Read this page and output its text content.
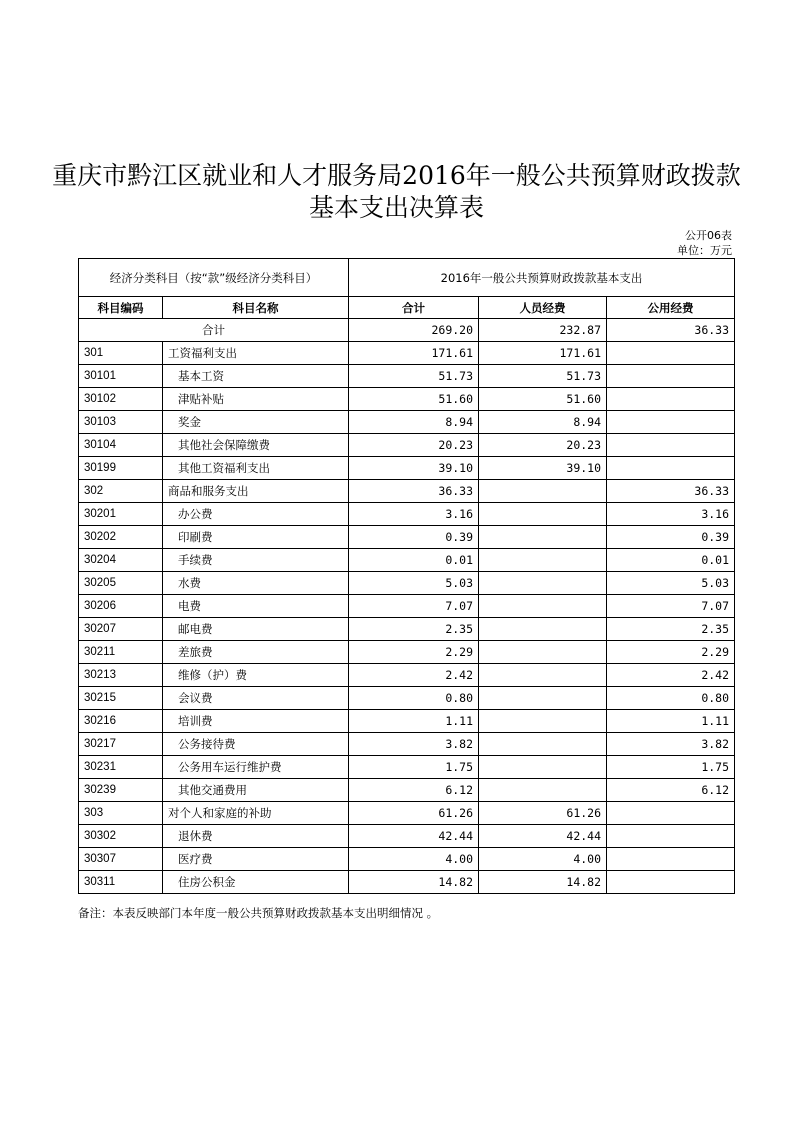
重庆市黔江区就业和人才服务局2016年一般公共预算财政拨款
基本支出决算表
公开06表
单位：万元
经济分类科目（按“款”级经济分类科目）		2016年一般公共预算财政拨款基本支出		
科目编码	科目名称	合计	人员经费	公用经费
合计		269.20	232.87	36.33
301	工资福利支出	171.61	171.61	
30101	基本工资	51.73	51.73	
30102	津贴补贴	51.60	51.60	
30103	奖金	8.94	8.94	
30104	其他社会保障缴费	20.23	20.23	
30199	其他工资福利支出	39.10	39.10	
302	商品和服务支出	36.33		36.33
30201	办公费	3.16		3.16
30202	印刷费	0.39		0.39
30204	手续费	0.01		0.01
30205	水费	5.03		5.03
30206	电费	7.07		7.07
30207	邮电费	2.35		2.35
30211	差旅费	2.29		2.29
30213	维修（护）费	2.42		2.42
30215	会议费	0.80		0.80
30216	培训费	1.11		1.11
30217	公务接待费	3.82		3.82
30231	公务用车运行维护费	1.75		1.75
30239	其他交通费用	6.12		6.12
303	对个人和家庭的补助	61.26	61.26	
30302	退休费	42.44	42.44	
30307	医疗费	4.00	4.00	
30311	住房公积金	14.82	14.82	
备注：本表反映部门本年度一般公共预算财政拨款基本支出明细情况 。
